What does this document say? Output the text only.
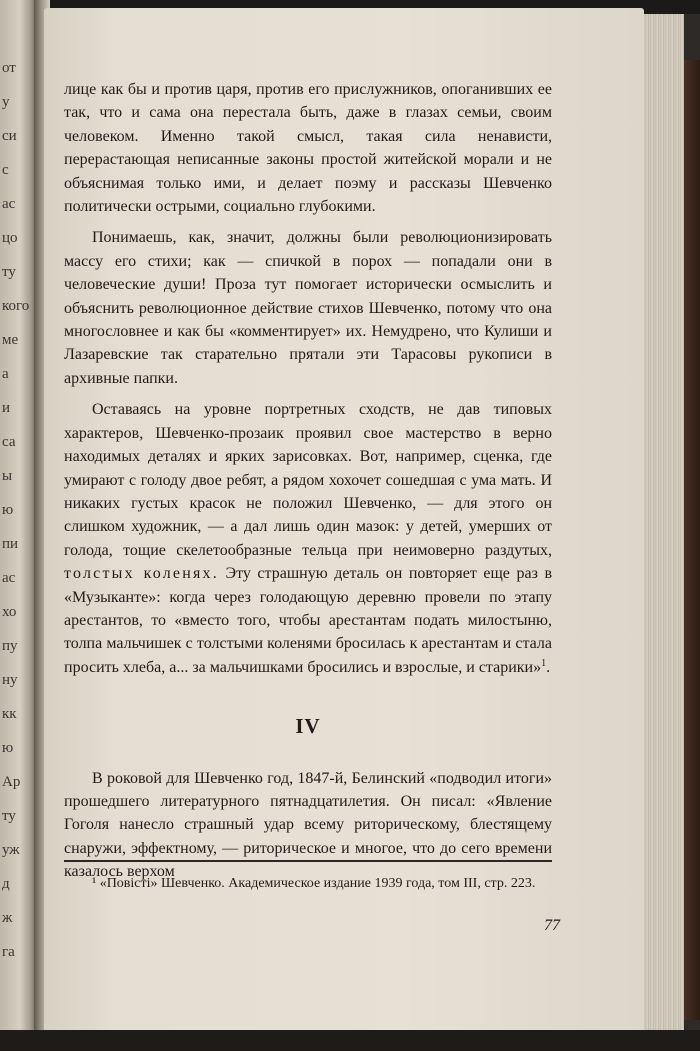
от
у
си
с
ас
цо
ту
кого
ме
а
и
са
ы
ю
пи
ас
хо
пу
ну
кк
ю
Ар
ту
уж
д
ж
га

лице как бы и против царя, против его прислужников, опоганивших ее так, что и сама она перестала быть, даже в глазах семьи, своим человеком. Именно такой смысл, такая сила ненависти, перерастающая неписанные законы простой житейской морали и не объяснимая только ими, и делает поэму и рассказы Шевченко политически острыми, социально глубокими.

Понимаешь, как, значит, должны были революционизировать массу его стихи; как — спичкой в порох — попадали они в человеческие души! Проза тут помогает исторически осмыслить и объяснить революционное действие стихов Шевченко, потому что она многословнее и как бы «комментирует» их. Немудрено, что Кулиши и Лазаревские так старательно прятали эти Тарасовы рукописи в архивные папки.

Оставаясь на уровне портретных сходств, не дав типовых характеров, Шевченко-прозаик проявил свое мастерство в верно находимых деталях и ярких зарисовках. Вот, например, сценка, где умирают с голоду двое ребят, а рядом хохочет сошедшая с ума мать. И никаких густых красок не положил Шевченко, — для этого он слишком художник, — а дал лишь один мазок: у детей, умерших от голода, тощие скелетообразные тельца при неимоверно раздутых, толстых коленях. Эту страшную деталь он повторяет еще раз в «Музыканте»: когда через голодающую деревню провели по этапу арестантов, то «вместо того, чтобы арестантам подать милостыню, толпа мальчишек с толстыми коленями бросилась к арестантам и стала просить хлеба, а... за мальчишками бросились и взрослые, и старики»$^1$.

IV

В роковой для Шевченко год, 1847-й, Белинский «подводил итоги» прошедшего литературного пятнадцатилетия. Он писал: «Явление Гоголя нанесло страшный удар всему риторическому, блестящему снаружи, эффектному, — риторическое и многое, что до сего времени казалось верхом

¹ «Повісті» Шевченко. Академическое издание 1939 года, том III, стр. 223.
77
